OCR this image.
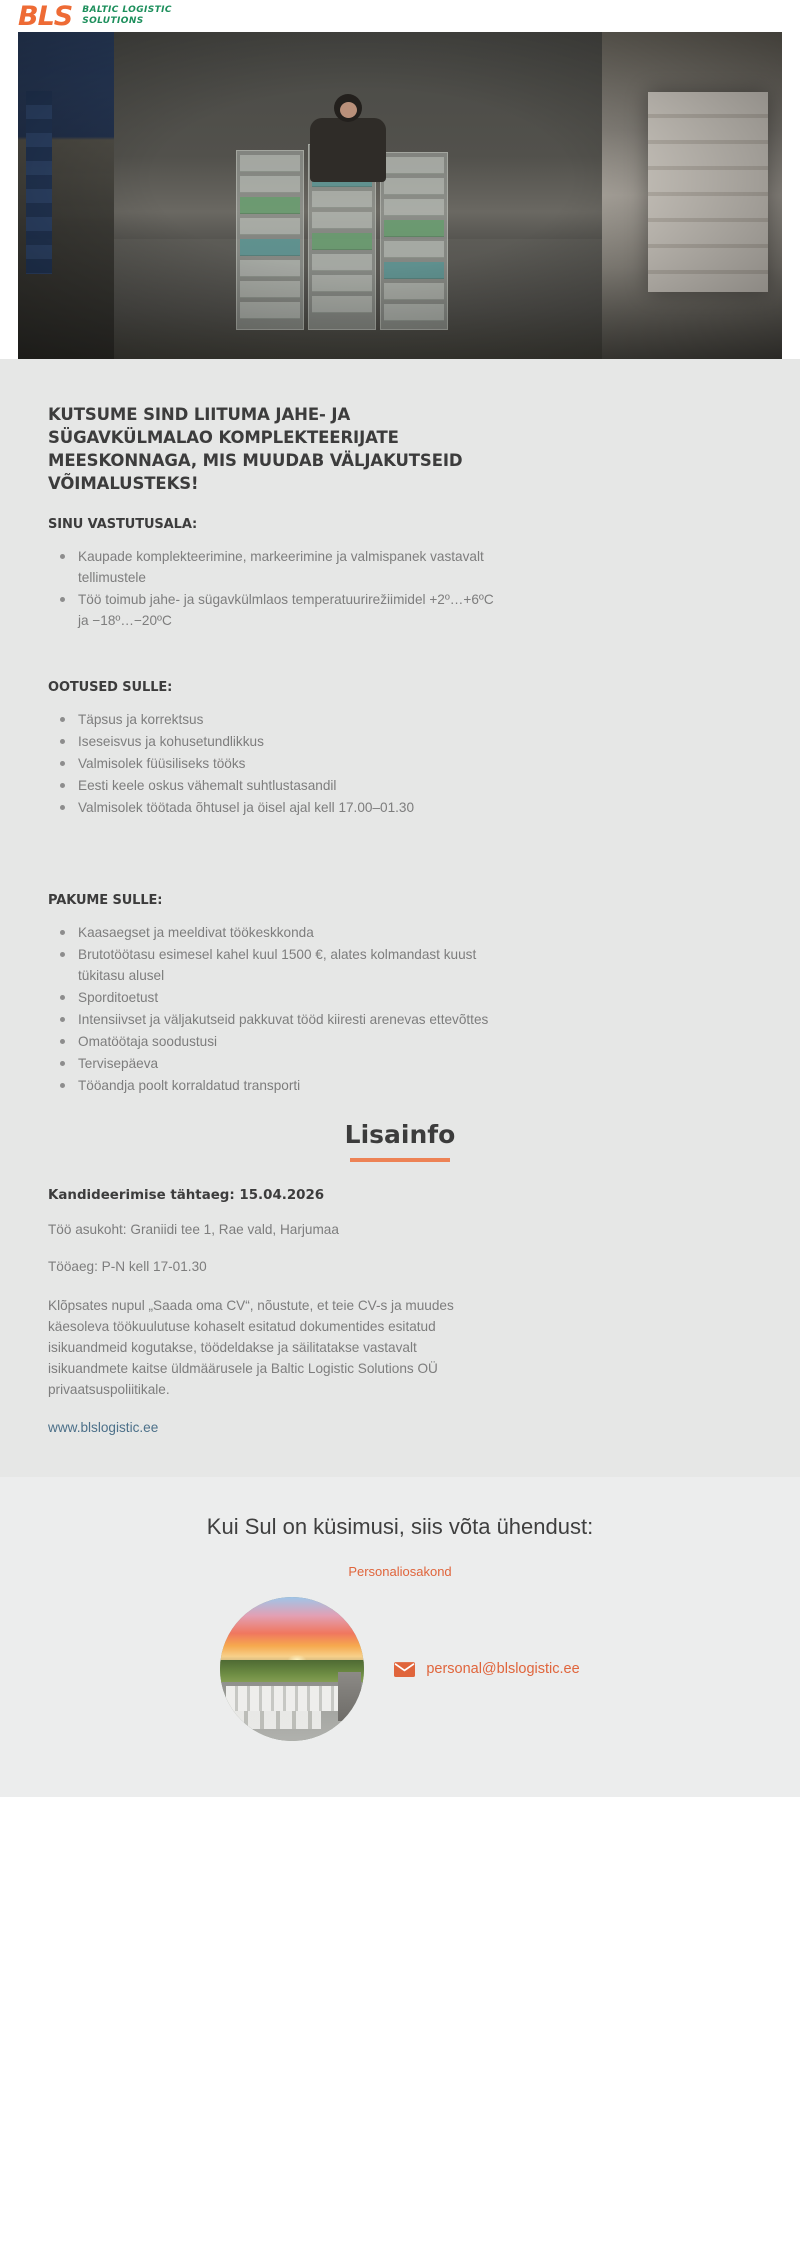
BLS BALTIC LOGISTIC
SOLUTIONS
KUTSUME SIND LIITUMA JAHE- JA SÜGAVKÜLMALAO KOMPLEKTEERIJATE MEESKONNAGA, MIS MUUDAB VÄLJAKUTSEID VÕIMALUSTEKS!
SINU VASTUTUSALA:
Kaupade komplekteerimine, markeerimine ja valmispanek vastavalt tellimustele
Töö toimub jahe- ja sügavkülmlaos temperatuurirežiimidel +2º…+6ºC ja −18º…−20ºC
OOTUSED SULLE:
Täpsus ja korrektsus
Iseseisvus ja kohusetundlikkus
Valmisolek füüsiliseks tööks
Eesti keele oskus vähemalt suhtlustasandil
Valmisolek töötada õhtusel ja öisel ajal kell 17.00–01.30
PAKUME SULLE:
Kaasaegset ja meeldivat töökeskkonda
Brutotöötasu esimesel kahel kuul 1500 €, alates kolmandast kuust tükitasu alusel
Sporditoetust
Intensiivset ja väljakutseid pakkuvat tööd kiiresti arenevas ettevõttes
Omatöötaja soodustusi
Tervisepäeva
Tööandja poolt korraldatud transporti
Lisainfo
Kandideerimise tähtaeg: 15.04.2026
Töö asukoht: Graniidi tee 1, Rae vald, Harjumaa
Tööaeg: P-N kell 17-01.30
Klõpsates nupul „Saada oma CV“, nõustute, et teie CV-s ja muudes käesoleva töökuulutuse kohaselt esitatud dokumentides esitatud isikuandmeid kogutakse, töödeldakse ja säilitatakse vastavalt isikuandmete kaitse üldmäärusele ja Baltic Logistic Solutions OÜ privaatsuspoliitikale.
www.blslogistic.ee
Kui Sul on küsimusi, siis võta ühendust:
Personaliosakond
personal@blslogistic.ee
